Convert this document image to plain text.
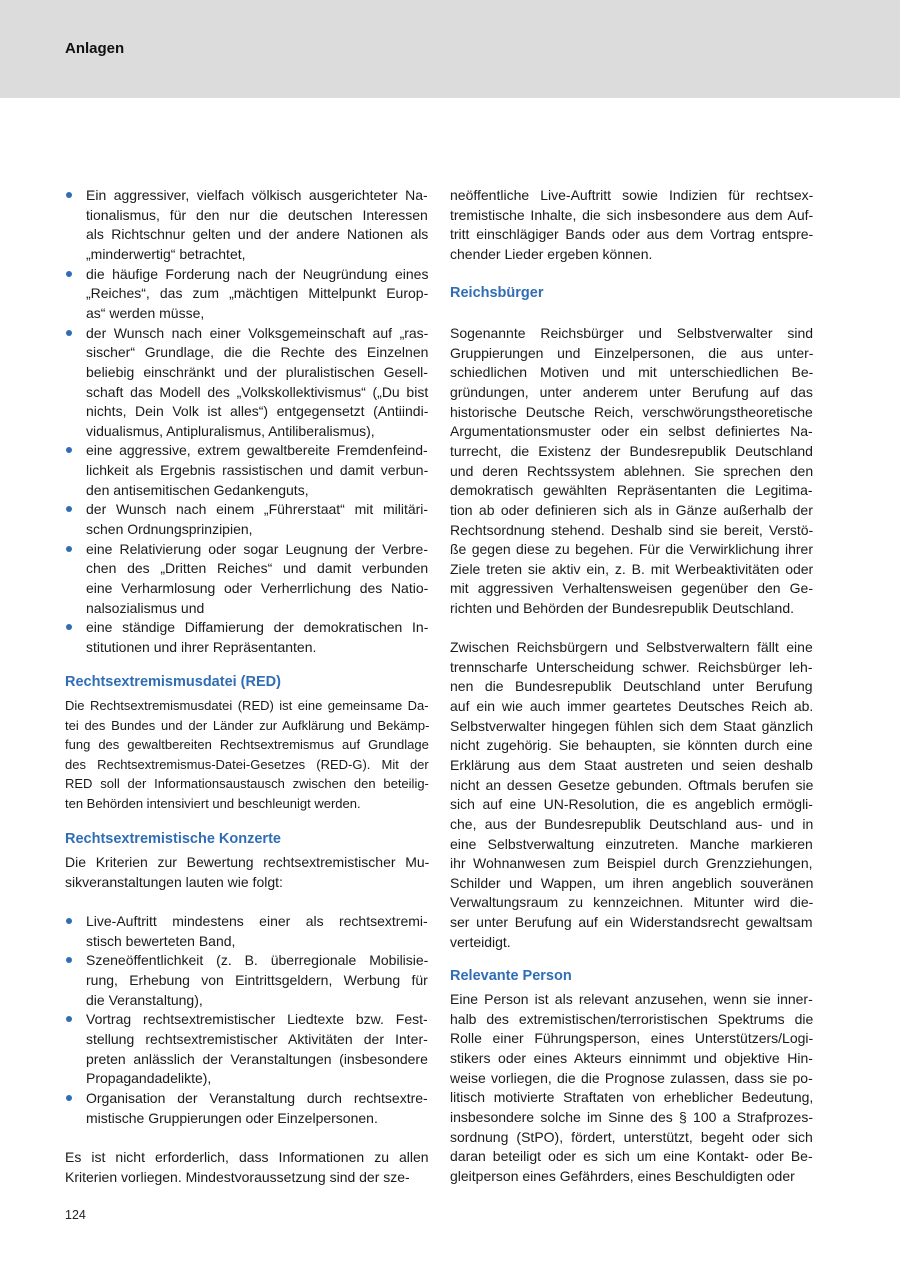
Anlagen
Ein aggressiver, vielfach völkisch ausgerichteter Na-
tionalismus, für den nur die deutschen Interessen
als Richtschnur gelten und der andere Nationen als
„minderwertig“ betrachtet,
die häufige Forderung nach der Neugründung eines
„Reiches“, das zum „mächtigen Mittelpunkt Europ-
as“ werden müsse,
der Wunsch nach einer Volksgemeinschaft auf „ras-
sischer“ Grundlage, die die Rechte des Einzelnen
beliebig einschränkt und der pluralistischen Gesell-
schaft das Modell des „Volkskollektivismus“ („Du bist
nichts, Dein Volk ist alles“) entgegensetzt (Antiindi-
vidualismus, Antipluralismus, Antiliberalismus),
eine aggressive, extrem gewaltbereite Fremdenfeind-
lichkeit als Ergebnis rassistischen und damit verbun-
den antisemitischen Gedankenguts,
der Wunsch nach einem „Führerstaat“ mit militäri-
schen Ordnungsprinzipien,
eine Relativierung oder sogar Leugnung der Verbre-
chen des „Dritten Reiches“ und damit verbunden
eine Verharmlosung oder Verherrlichung des Natio-
nalsozialismus und
eine ständige Diffamierung der demokratischen In-
stitutionen und ihrer Repräsentanten.
Rechtsextremismusdatei (RED)
Die Rechtsextremismusdatei (RED) ist eine gemeinsame Da-
tei des Bundes und der Länder zur Aufklärung und Bekämp-
fung des gewaltbereiten Rechtsextremismus auf Grundlage
des Rechtsextremismus-Datei-Gesetzes (RED-G). Mit der
RED soll der Informationsaustausch zwischen den beteilig-
ten Behörden intensiviert und beschleunigt werden.
Rechtsextremistische Konzerte
Die Kriterien zur Bewertung rechtsextremistischer Mu-
sikveranstaltungen lauten wie folgt:
Live-Auftritt mindestens einer als rechtsextremi-
stisch bewerteten Band,
Szeneöffentlichkeit (z. B. überregionale Mobilisie-
rung, Erhebung von Eintrittsgeldern, Werbung für
die Veranstaltung),
Vortrag rechtsextremistischer Liedtexte bzw. Fest-
stellung rechtsextremistischer Aktivitäten der Inter-
preten anlässlich der Veranstaltungen (insbesondere
Propagandadelikte),
Organisation der Veranstaltung durch rechtsextre-
mistische Gruppierungen oder Einzelpersonen.
Es ist nicht erforderlich, dass Informationen zu allen
Kriterien vorliegen. Mindestvoraussetzung sind der sze-
neöffentliche Live-Auftritt sowie Indizien für rechtsex-
tremistische Inhalte, die sich insbesondere aus dem Auf-
tritt einschlägiger Bands oder aus dem Vortrag entspre-
chender Lieder ergeben können.
Reichsbürger
Sogenannte Reichsbürger und Selbstverwalter sind
Gruppierungen und Einzelpersonen, die aus unter-
schiedlichen Motiven und mit unterschiedlichen Be-
gründungen, unter anderem unter Berufung auf das
historische Deutsche Reich, verschwörungstheoretische
Argumentationsmuster oder ein selbst definiertes Na-
turrecht, die Existenz der Bundesrepublik Deutschland
und deren Rechtssystem ablehnen. Sie sprechen den
demokratisch gewählten Repräsentanten die Legitima-
tion ab oder definieren sich als in Gänze außerhalb der
Rechtsordnung stehend. Deshalb sind sie bereit, Verstö-
ße gegen diese zu begehen. Für die Verwirklichung ihrer
Ziele treten sie aktiv ein, z. B. mit Werbeaktivitäten oder
mit aggressiven Verhaltensweisen gegenüber den Ge-
richten und Behörden der Bundesrepublik Deutschland.
Zwischen Reichsbürgern und Selbstverwaltern fällt eine
trennscharfe Unterscheidung schwer. Reichsbürger leh-
nen die Bundesrepublik Deutschland unter Berufung
auf ein wie auch immer geartetes Deutsches Reich ab.
Selbstverwalter hingegen fühlen sich dem Staat gänzlich
nicht zugehörig. Sie behaupten, sie könnten durch eine
Erklärung aus dem Staat austreten und seien deshalb
nicht an dessen Gesetze gebunden. Oftmals berufen sie
sich auf eine UN-Resolution, die es angeblich ermögli-
che, aus der Bundesrepublik Deutschland aus- und in
eine Selbstverwaltung einzutreten. Manche markieren
ihr Wohnanwesen zum Beispiel durch Grenzziehungen,
Schilder und Wappen, um ihren angeblich souveränen
Verwaltungsraum zu kennzeichnen. Mitunter wird die-
ser unter Berufung auf ein Widerstandsrecht gewaltsam
verteidigt.
Relevante Person
Eine Person ist als relevant anzusehen, wenn sie inner-
halb des extremistischen/terroristischen Spektrums die
Rolle einer Führungsperson, eines Unterstützers/Logi-
stikers oder eines Akteurs einnimmt und objektive Hin-
weise vorliegen, die die Prognose zulassen, dass sie po-
litisch motivierte Straftaten von erheblicher Bedeutung,
insbesondere solche im Sinne des § 100 a Strafprozes-
sordnung (StPO), fördert, unterstützt, begeht oder sich
daran beteiligt oder es sich um eine Kontakt- oder Be-
gleitperson eines Gefährders, eines Beschuldigten oder
124
